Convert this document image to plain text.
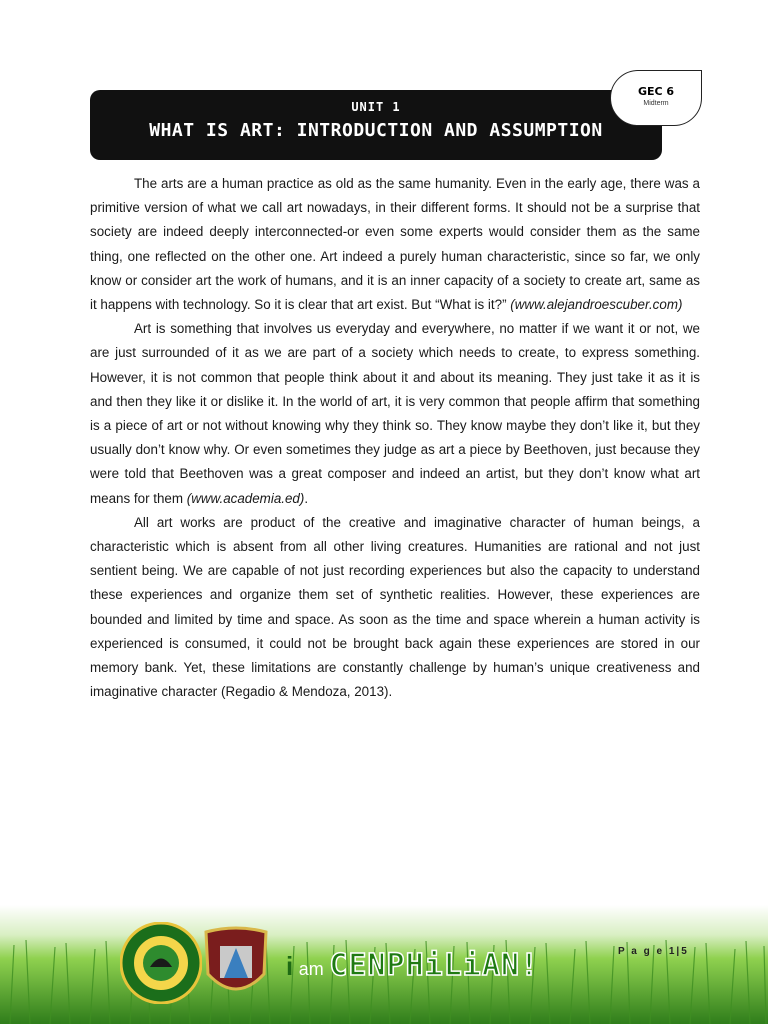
UNIT 1
WHAT IS ART: INTRODUCTION AND ASSUMPTION
GEC 6
Midterm

The arts are a human practice as old as the same humanity. Even in the early age, there was a primitive version of what we call art nowadays, in their different forms. It should not be a surprise that society are indeed deeply interconnected-or even some experts would consider them as the same thing, one reflected on the other one. Art indeed a purely human characteristic, since so far, we only know or consider art the work of humans, and it is an inner capacity of a society to create art, same as it happens with technology. So it is clear that art exist. But “What is it?” (www.alejandroescuber.com)

Art is something that involves us everyday and everywhere, no matter if we want it or not, we are just surrounded of it as we are part of a society which needs to create, to express something. However, it is not common that people think about it and about its meaning. They just take it as it is and then they like it or dislike it. In the world of art, it is very common that people affirm that something is a piece of art or not without knowing why they think so. They know maybe they don’t like it, but they usually don’t know why. Or even sometimes they judge as art a piece by Beethoven, just because they were told that Beethoven was a great composer and indeed an artist, but they don’t know what art means for them (www.academia.ed).

All art works are product of the creative and imaginative character of human beings, a characteristic which is absent from all other living creatures. Humanities are rational and not just sentient being. We are capable of not just recording experiences but also the capacity to understand these experiences and organize them set of synthetic realities. However, these experiences are bounded and limited by time and space. As soon as the time and space wherein a human activity is experienced is consumed, it could not be brought back again these experiences are stored in our memory bank. Yet, these limitations are constantly challenge by human’s unique creativeness and imaginative character (Regadio & Mendoza, 2013).

i am CENPHiLiAN!	P a g e 1|5
